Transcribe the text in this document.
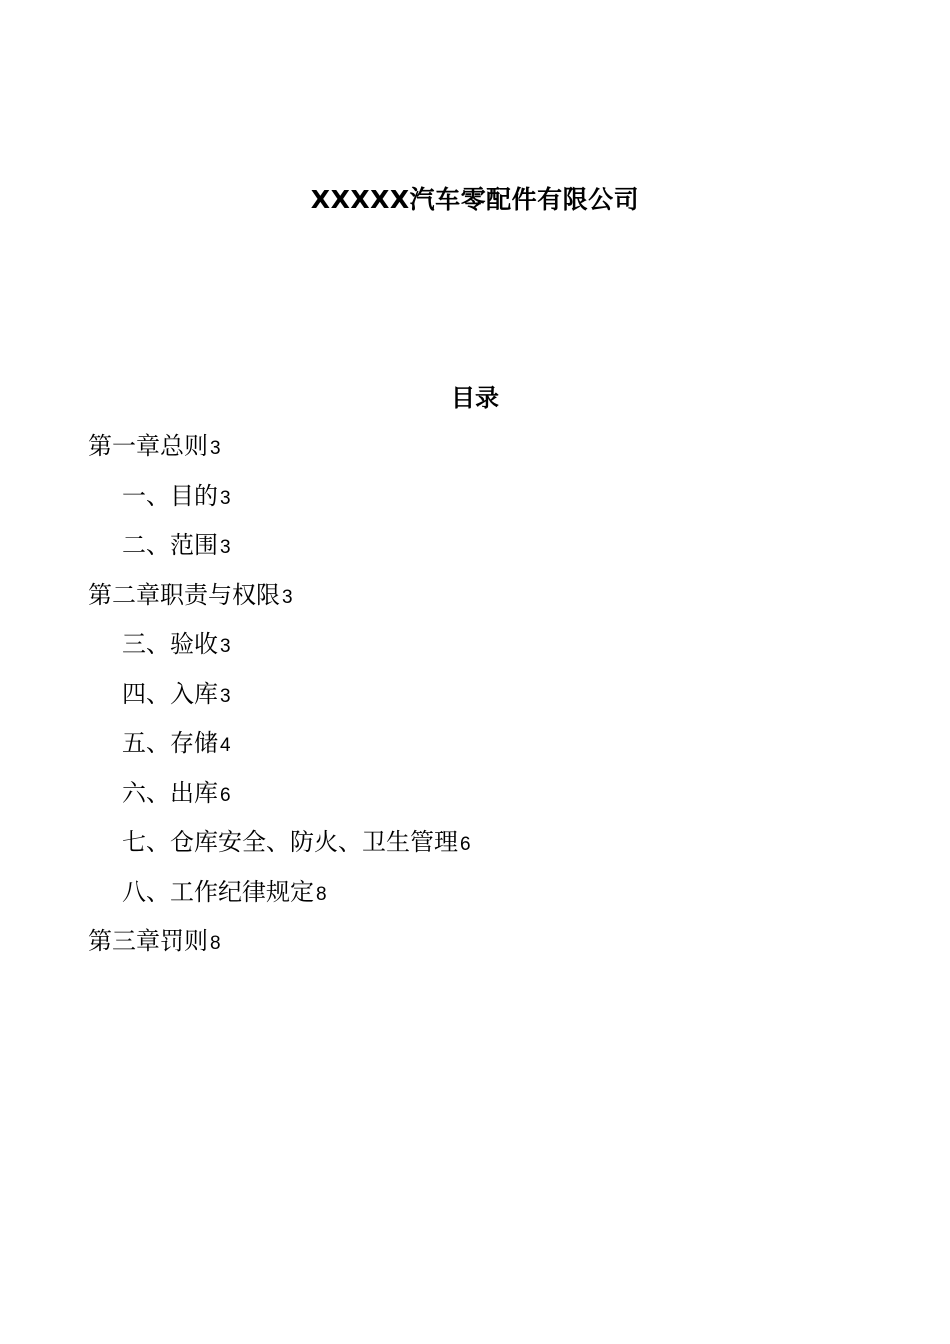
XXXXX汽车零配件有限公司
目录
第一章总则 3
一、目的 3
二、范围 3
第二章职责与权限 3
三、验收 3
四、入库 3
五、存储 4
六、出库 6
七、仓库安全、防火、卫生管理 6
八、工作纪律规定 8
第三章罚则 8
